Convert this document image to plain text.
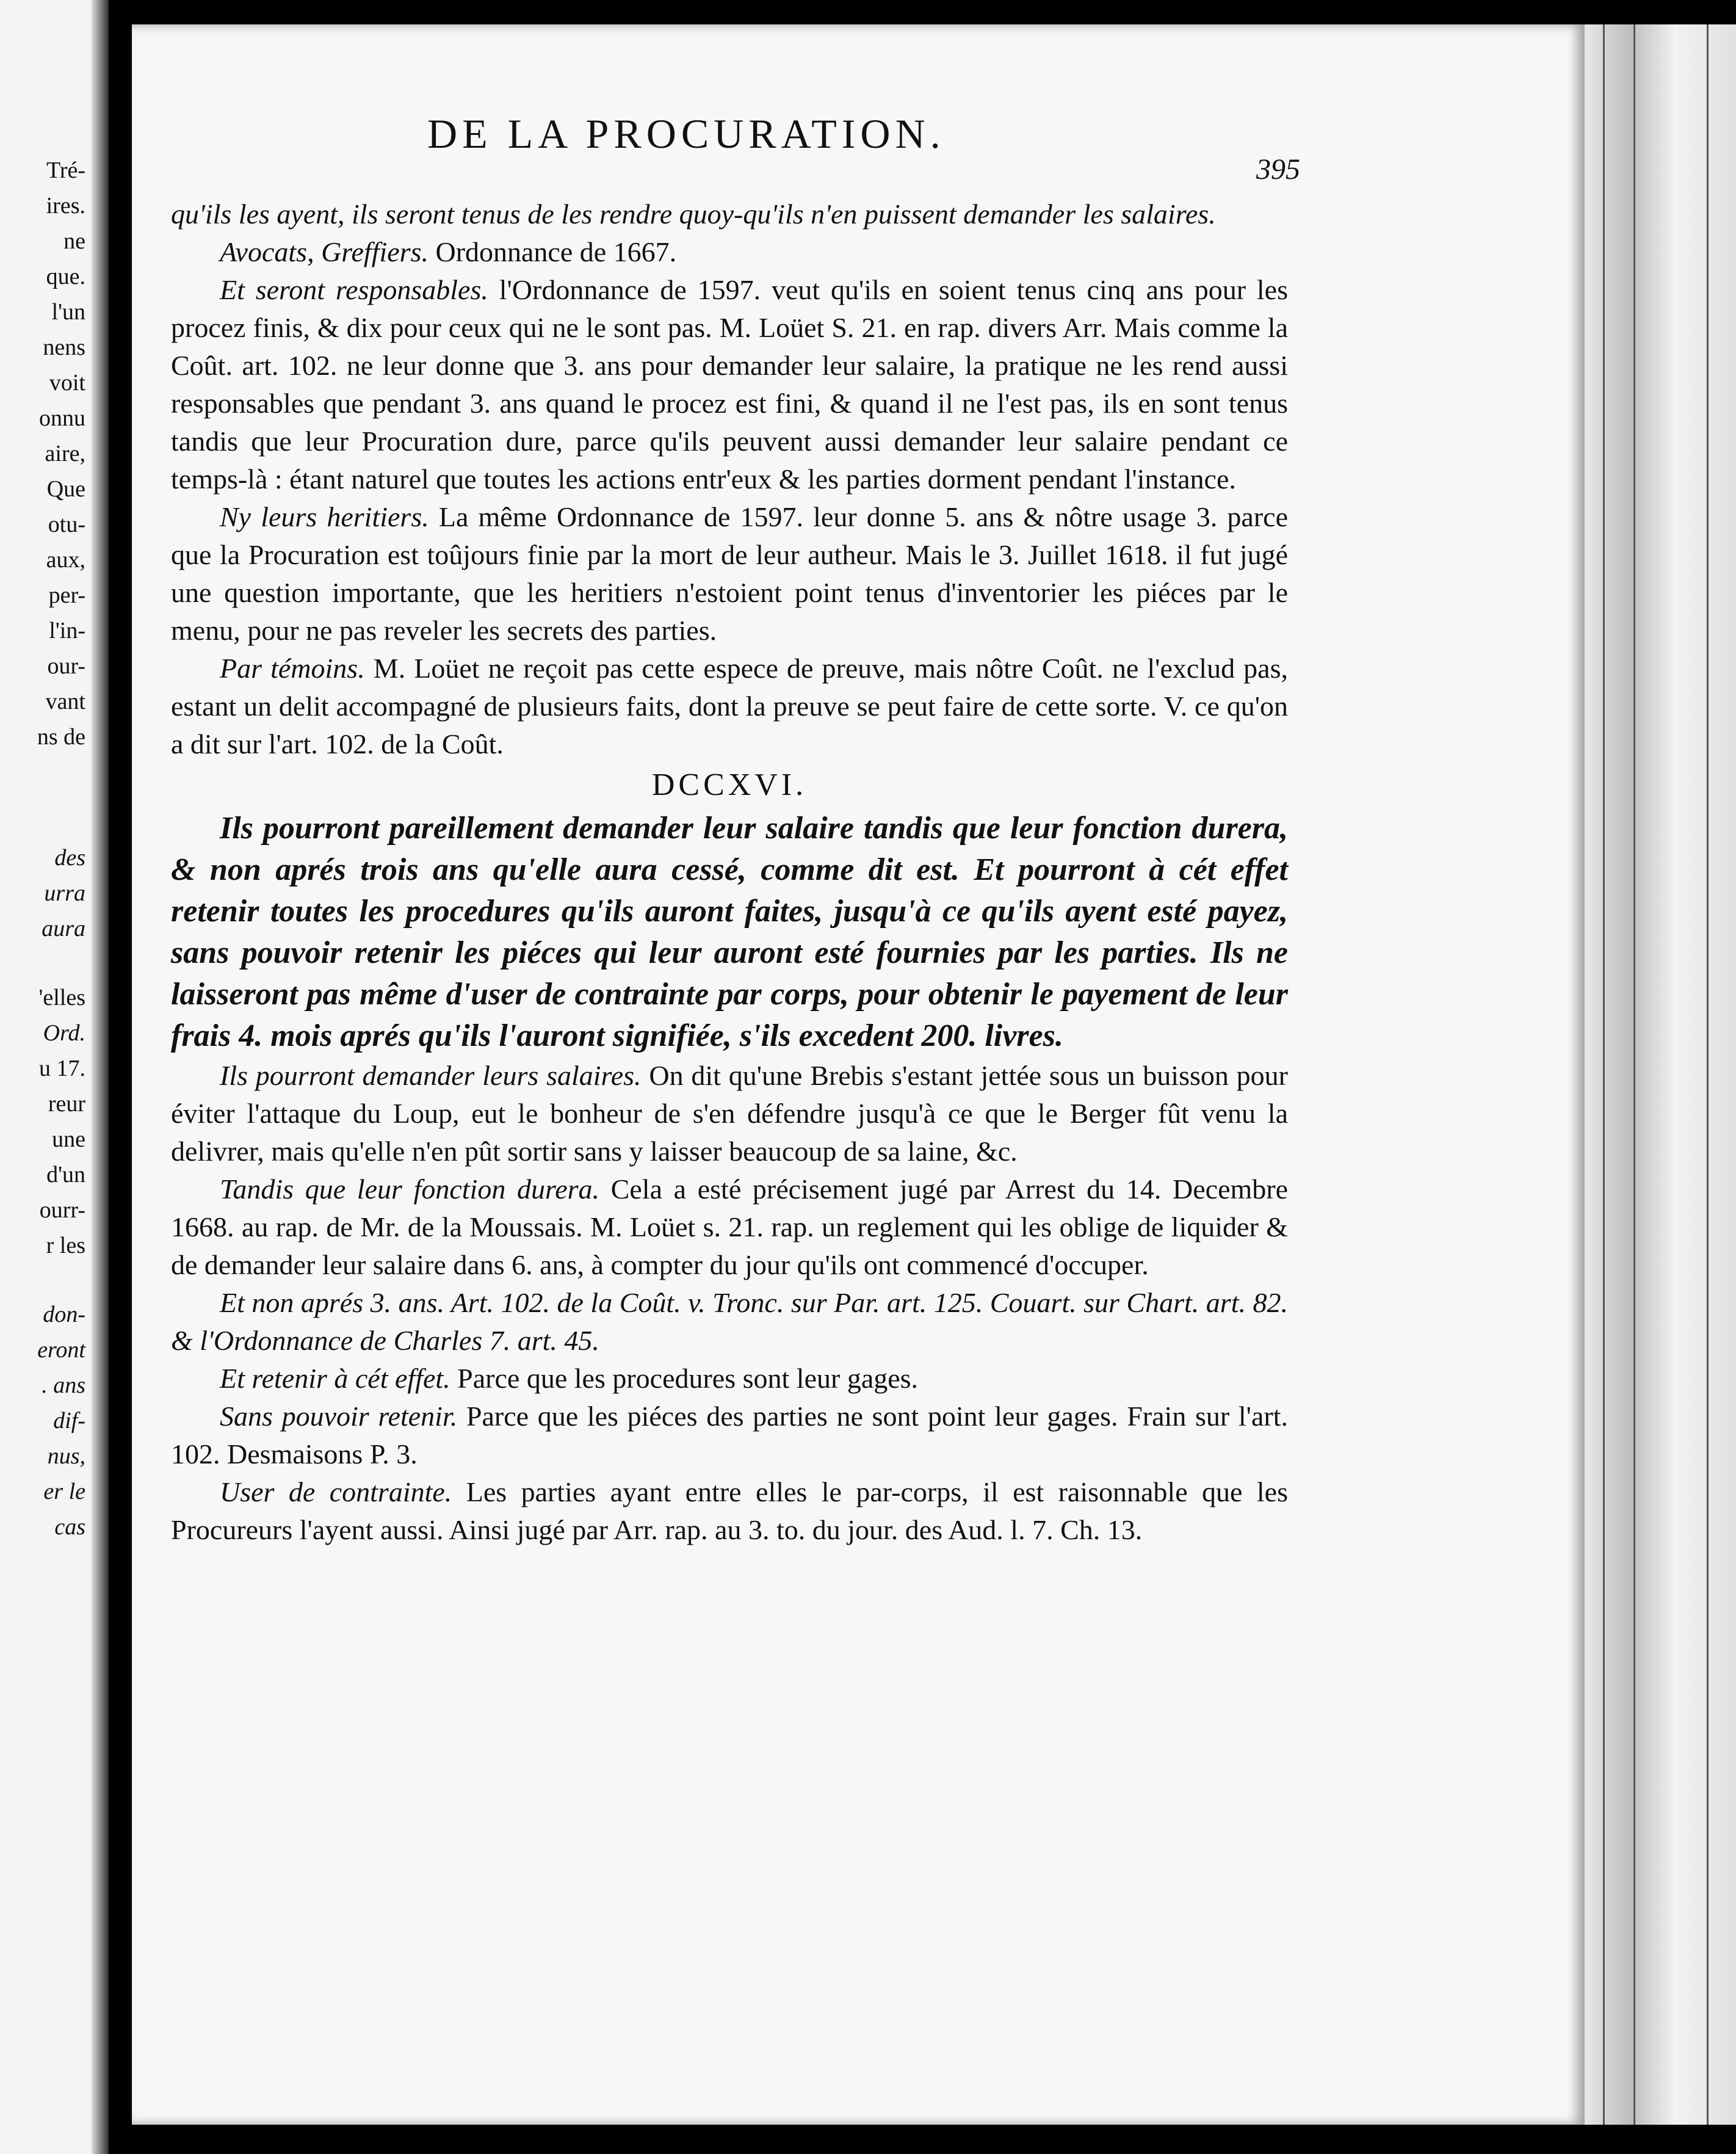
Tré-
ires.
ne
que.
l'un
nens
voit
onnu
aire,
Que
otu-
aux,
per-
l'in-
our-
vant
ns de
des
urra
aura
'elles
Ord.
u 17.
reur
une
d'un
ourr-
r les
don-
eront
. ans
dif-
nus,
er le
cas
DE LA PROCURATION.
395

qu'ils les ayent, ils seront tenus de les rendre quoy-qu'ils n'en puissent demander les salaires.

Avocats, Greffiers. Ordonnance de 1667.

Et seront responsables. l'Ordonnance de 1597. veut qu'ils en soient tenus cinq ans pour les procez finis, & dix pour ceux qui ne le sont pas. M. Loüet S. 21. en rap. divers Arr. Mais comme la Coût. art. 102. ne leur donne que 3. ans pour demander leur salaire, la pratique ne les rend aussi responsables que pendant 3. ans quand le procez est fini, & quand il ne l'est pas, ils en sont tenus tandis que leur Procuration dure, parce qu'ils peuvent aussi demander leur salaire pendant ce temps-là : étant naturel que toutes les actions entr'eux & les parties dorment pendant l'instance.

Ny leurs heritiers. La même Ordonnance de 1597. leur donne 5. ans & nôtre usage 3. parce que la Procuration est toûjours finie par la mort de leur autheur. Mais le 3. Juillet 1618. il fut jugé une question importante, que les heritiers n'estoient point tenus d'inventorier les piéces par le menu, pour ne pas reveler les secrets des parties.

Par témoins. M. Loüet ne reçoit pas cette espece de preuve, mais nôtre Coût. ne l'exclud pas, estant un delit accompagné de plusieurs faits, dont la preuve se peut faire de cette sorte. V. ce qu'on a dit sur l'art. 102. de la Coût.

DCCXVI.

Ils pourront pareillement demander leur salaire tandis que leur fonction durera, & non aprés trois ans qu'elle aura cessé, comme dit est. Et pourront à cét effet retenir toutes les procedures qu'ils auront faites, jusqu'à ce qu'ils ayent esté payez, sans pouvoir retenir les piéces qui leur auront esté fournies par les parties. Ils ne laisseront pas même d'user de contrainte par corps, pour obtenir le payement de leur frais 4. mois aprés qu'ils l'auront signifiée, s'ils excedent 200. livres.

Ils pourront demander leurs salaires. On dit qu'une Brebis s'estant jettée sous un buisson pour éviter l'attaque du Loup, eut le bonheur de s'en défendre jusqu'à ce que le Berger fût venu la delivrer, mais qu'elle n'en pût sortir sans y laisser beaucoup de sa laine, &c.

Tandis que leur fonction durera. Cela a esté précisement jugé par Arrest du 14. Decembre 1668. au rap. de Mr. de la Moussais. M. Loüet s. 21. rap. un reglement qui les oblige de liquider & de demander leur salaire dans 6. ans, à compter du jour qu'ils ont commencé d'occuper.

Et non aprés 3. ans. Art. 102. de la Coût. v. Tronc. sur Par. art. 125. Couart. sur Chart. art. 82. & l'Ordonnance de Charles 7. art. 45.

Et retenir à cét effet. Parce que les procedures sont leur gages.

Sans pouvoir retenir. Parce que les piéces des parties ne sont point leur gages. Frain sur l'art. 102. Desmaisons P. 3.

User de contrainte. Les parties ayant entre elles le par-corps, il est raisonnable que les Procureurs l'ayent aussi. Ainsi jugé par Arr. rap. au 3. to. du jour. des Aud. l. 7. Ch. 13.
